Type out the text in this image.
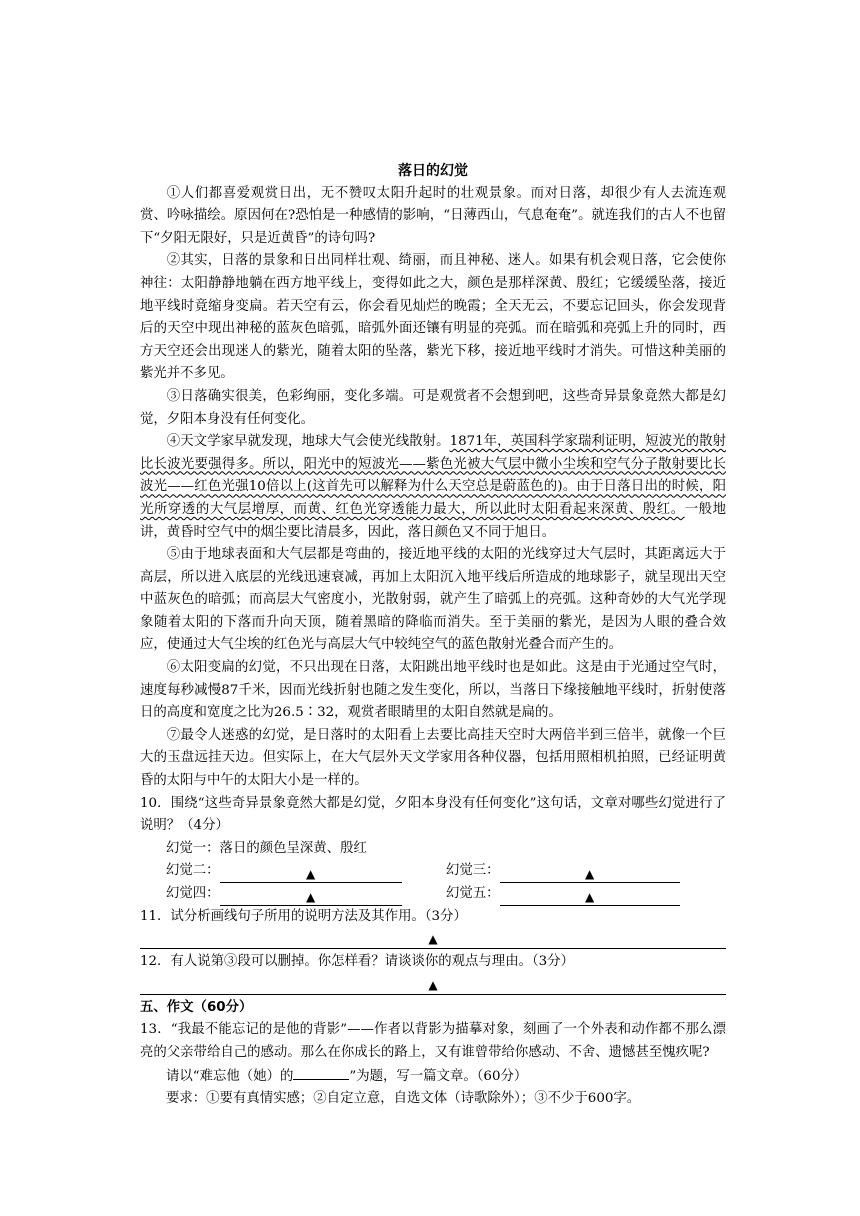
落日的幻觉

①人们都喜爱观赏日出，无不赞叹太阳升起时的壮观景象。而对日落，却很少有人去流连观赏、吟咏描绘。原因何在?恐怕是一种感情的影响，“日薄西山，气息奄奄”。就连我们的古人不也留下“夕阳无限好，只是近黄昏”的诗句吗?

②其实，日落的景象和日出同样壮观、绮丽，而且神秘、迷人。如果有机会观日落，它会使你神往：太阳静静地躺在西方地平线上，变得如此之大，颜色是那样深黄、殷红；它缓缓坠落，接近地平线时竟缩身变扁。若天空有云，你会看见灿烂的晚霞；全天无云，不要忘记回头，你会发现背后的天空中现出神秘的蓝灰色暗弧，暗弧外面还镶有明显的亮弧。而在暗弧和亮弧上升的同时，西方天空还会出现迷人的紫光，随着太阳的坠落，紫光下移，接近地平线时才消失。可惜这种美丽的紫光并不多见。

③日落确实很美，色彩绚丽，变化多端。可是观赏者不会想到吧，这些奇异景象竟然大都是幻觉，夕阳本身没有任何变化。

④天文学家早就发现，地球大气会使光线散射。1871年，英国科学家瑞利证明，短波光的散射比长波光要强得多。所以，阳光中的短波光——紫色光被大气层中微小尘埃和空气分子散射要比长波光——红色光强10倍以上(这首先可以解释为什么天空总是蔚蓝色的)。由于日落日出的时候，阳光所穿透的大气层增厚，而黄、红色光穿透能力最大，所以此时太阳看起来深黄、殷红。一般地讲，黄昏时空气中的烟尘要比清晨多，因此，落日颜色又不同于旭日。

⑤由于地球表面和大气层都是弯曲的，接近地平线的太阳的光线穿过大气层时，其距离远大于高层，所以进入底层的光线迅速衰减，再加上太阳沉入地平线后所造成的地球影子，就呈现出天空中蓝灰色的暗弧；而高层大气密度小，光散射弱，就产生了暗弧上的亮弧。这种奇妙的大气光学现象随着太阳的下落而升向天顶，随着黑暗的降临而消失。至于美丽的紫光，是因为人眼的叠合效应，使通过大气尘埃的红色光与高层大气中较纯空气的蓝色散射光叠合而产生的。

⑥太阳变扁的幻觉，不只出现在日落，太阳跳出地平线时也是如此。这是由于光通过空气时，速度每秒减慢87千米，因而光线折射也随之发生变化，所以，当落日下缘接触地平线时，折射使落日的高度和宽度之比为26.5∶32，观赏者眼睛里的太阳自然就是扁的。

⑦最令人迷惑的幻觉，是日落时的太阳看上去要比高挂天空时大两倍半到三倍半，就像一个巨大的玉盘远挂天边。但实际上，在大气层外天文学家用各种仪器，包括用照相机拍照，已经证明黄昏的太阳与中午的太阳大小是一样的。

10．围绕“这些奇异景象竟然大都是幻觉，夕阳本身没有任何变化”这句话，文章对哪些幻觉进行了说明？（4分）

幻觉一：落日的颜色呈深黄、殷红

幻觉二：	▲	幻觉三：	▲
幻觉四：	▲	幻觉五：	▲

11．试分析画线句子所用的说明方法及其作用。（3分）

▲

12．有人说第③段可以删掉。你怎样看？请谈谈你的观点与理由。（3分）

▲

五、作文（60分）

13．“我最不能忘记的是他的背影”——作者以背影为描摹对象，刻画了一个外表和动作都不那么漂亮的父亲带给自己的感动。那么在你成长的路上，又有谁曾带给你感动、不舍、遗憾甚至愧疚呢?

请以“难忘他（她）的	”为题，写一篇文章。（60分）

要求：①要有真情实感；②自定立意，自选文体（诗歌除外）；③不少于600字。
